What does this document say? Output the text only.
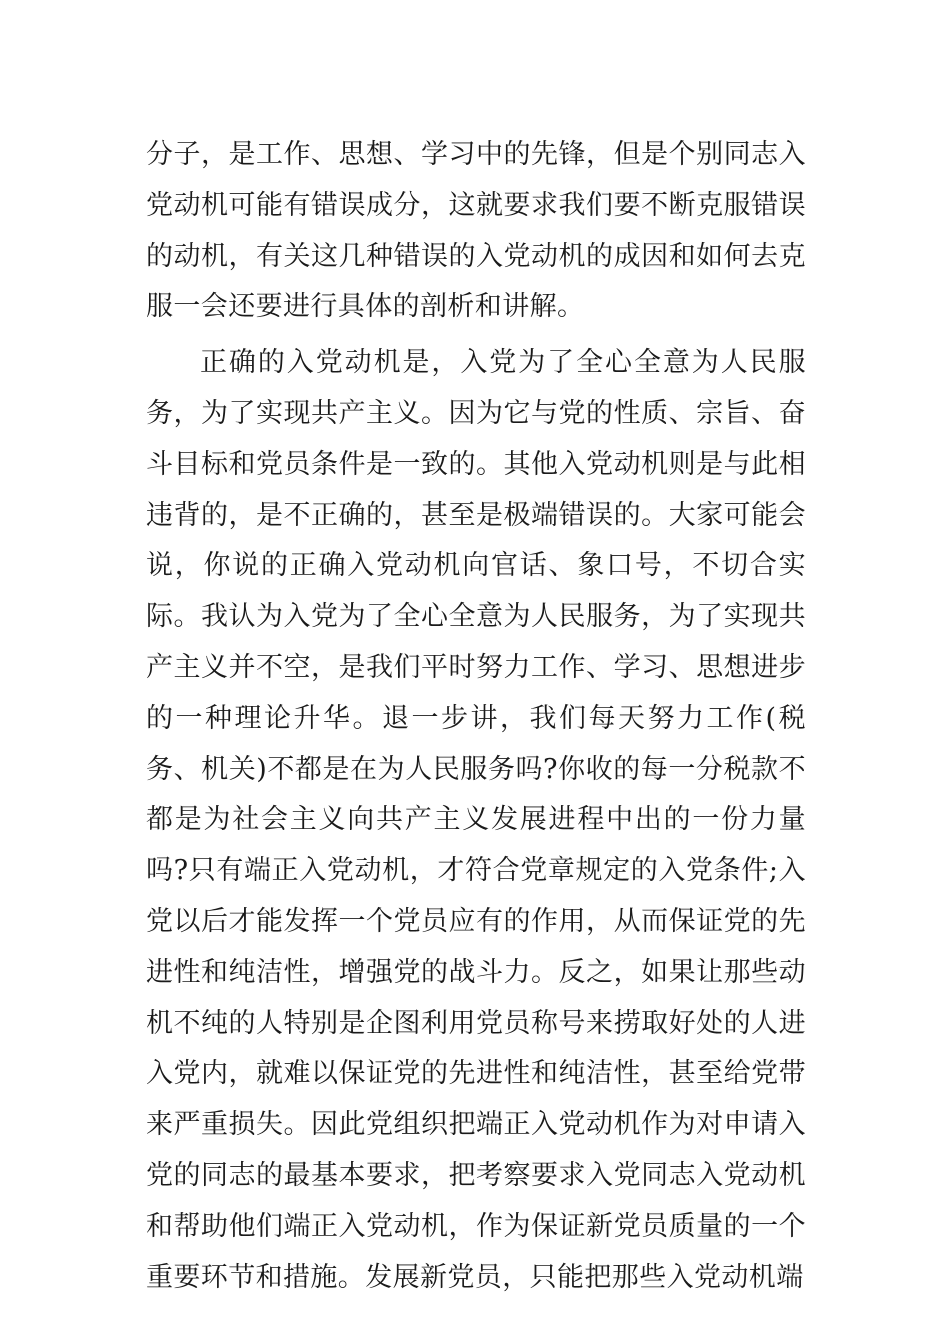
分子，是工作、思想、学习中的先锋，但是个别同志入党动机可能有错误成分，这就要求我们要不断克服错误的动机，有关这几种错误的入党动机的成因和如何去克服一会还要进行具体的剖析和讲解。

正确的入党动机是，入党为了全心全意为人民服务，为了实现共产主义。因为它与党的性质、宗旨、奋斗目标和党员条件是一致的。其他入党动机则是与此相违背的，是不正确的，甚至是极端错误的。大家可能会说，你说的正确入党动机向官话、象口号，不切合实际。我认为入党为了全心全意为人民服务，为了实现共产主义并不空，是我们平时努力工作、学习、思想进步的一种理论升华。退一步讲，我们每天努力工作(税务、机关)不都是在为人民服务吗?你收的每一分税款不都是为社会主义向共产主义发展进程中出的一份力量吗?只有端正入党动机，才符合党章规定的入党条件;入党以后才能发挥一个党员应有的作用，从而保证党的先进性和纯洁性，增强党的战斗力。反之，如果让那些动机不纯的人特别是企图利用党员称号来捞取好处的人进入党内，就难以保证党的先进性和纯洁性，甚至给党带来严重损失。因此党组织把端正入党动机作为对申请入党的同志的最基本要求，把考察要求入党同志入党动机和帮助他们端正入党动机，作为保证新党员质量的一个重要环节和措施。发展新党员，只能把那些入党动机端
